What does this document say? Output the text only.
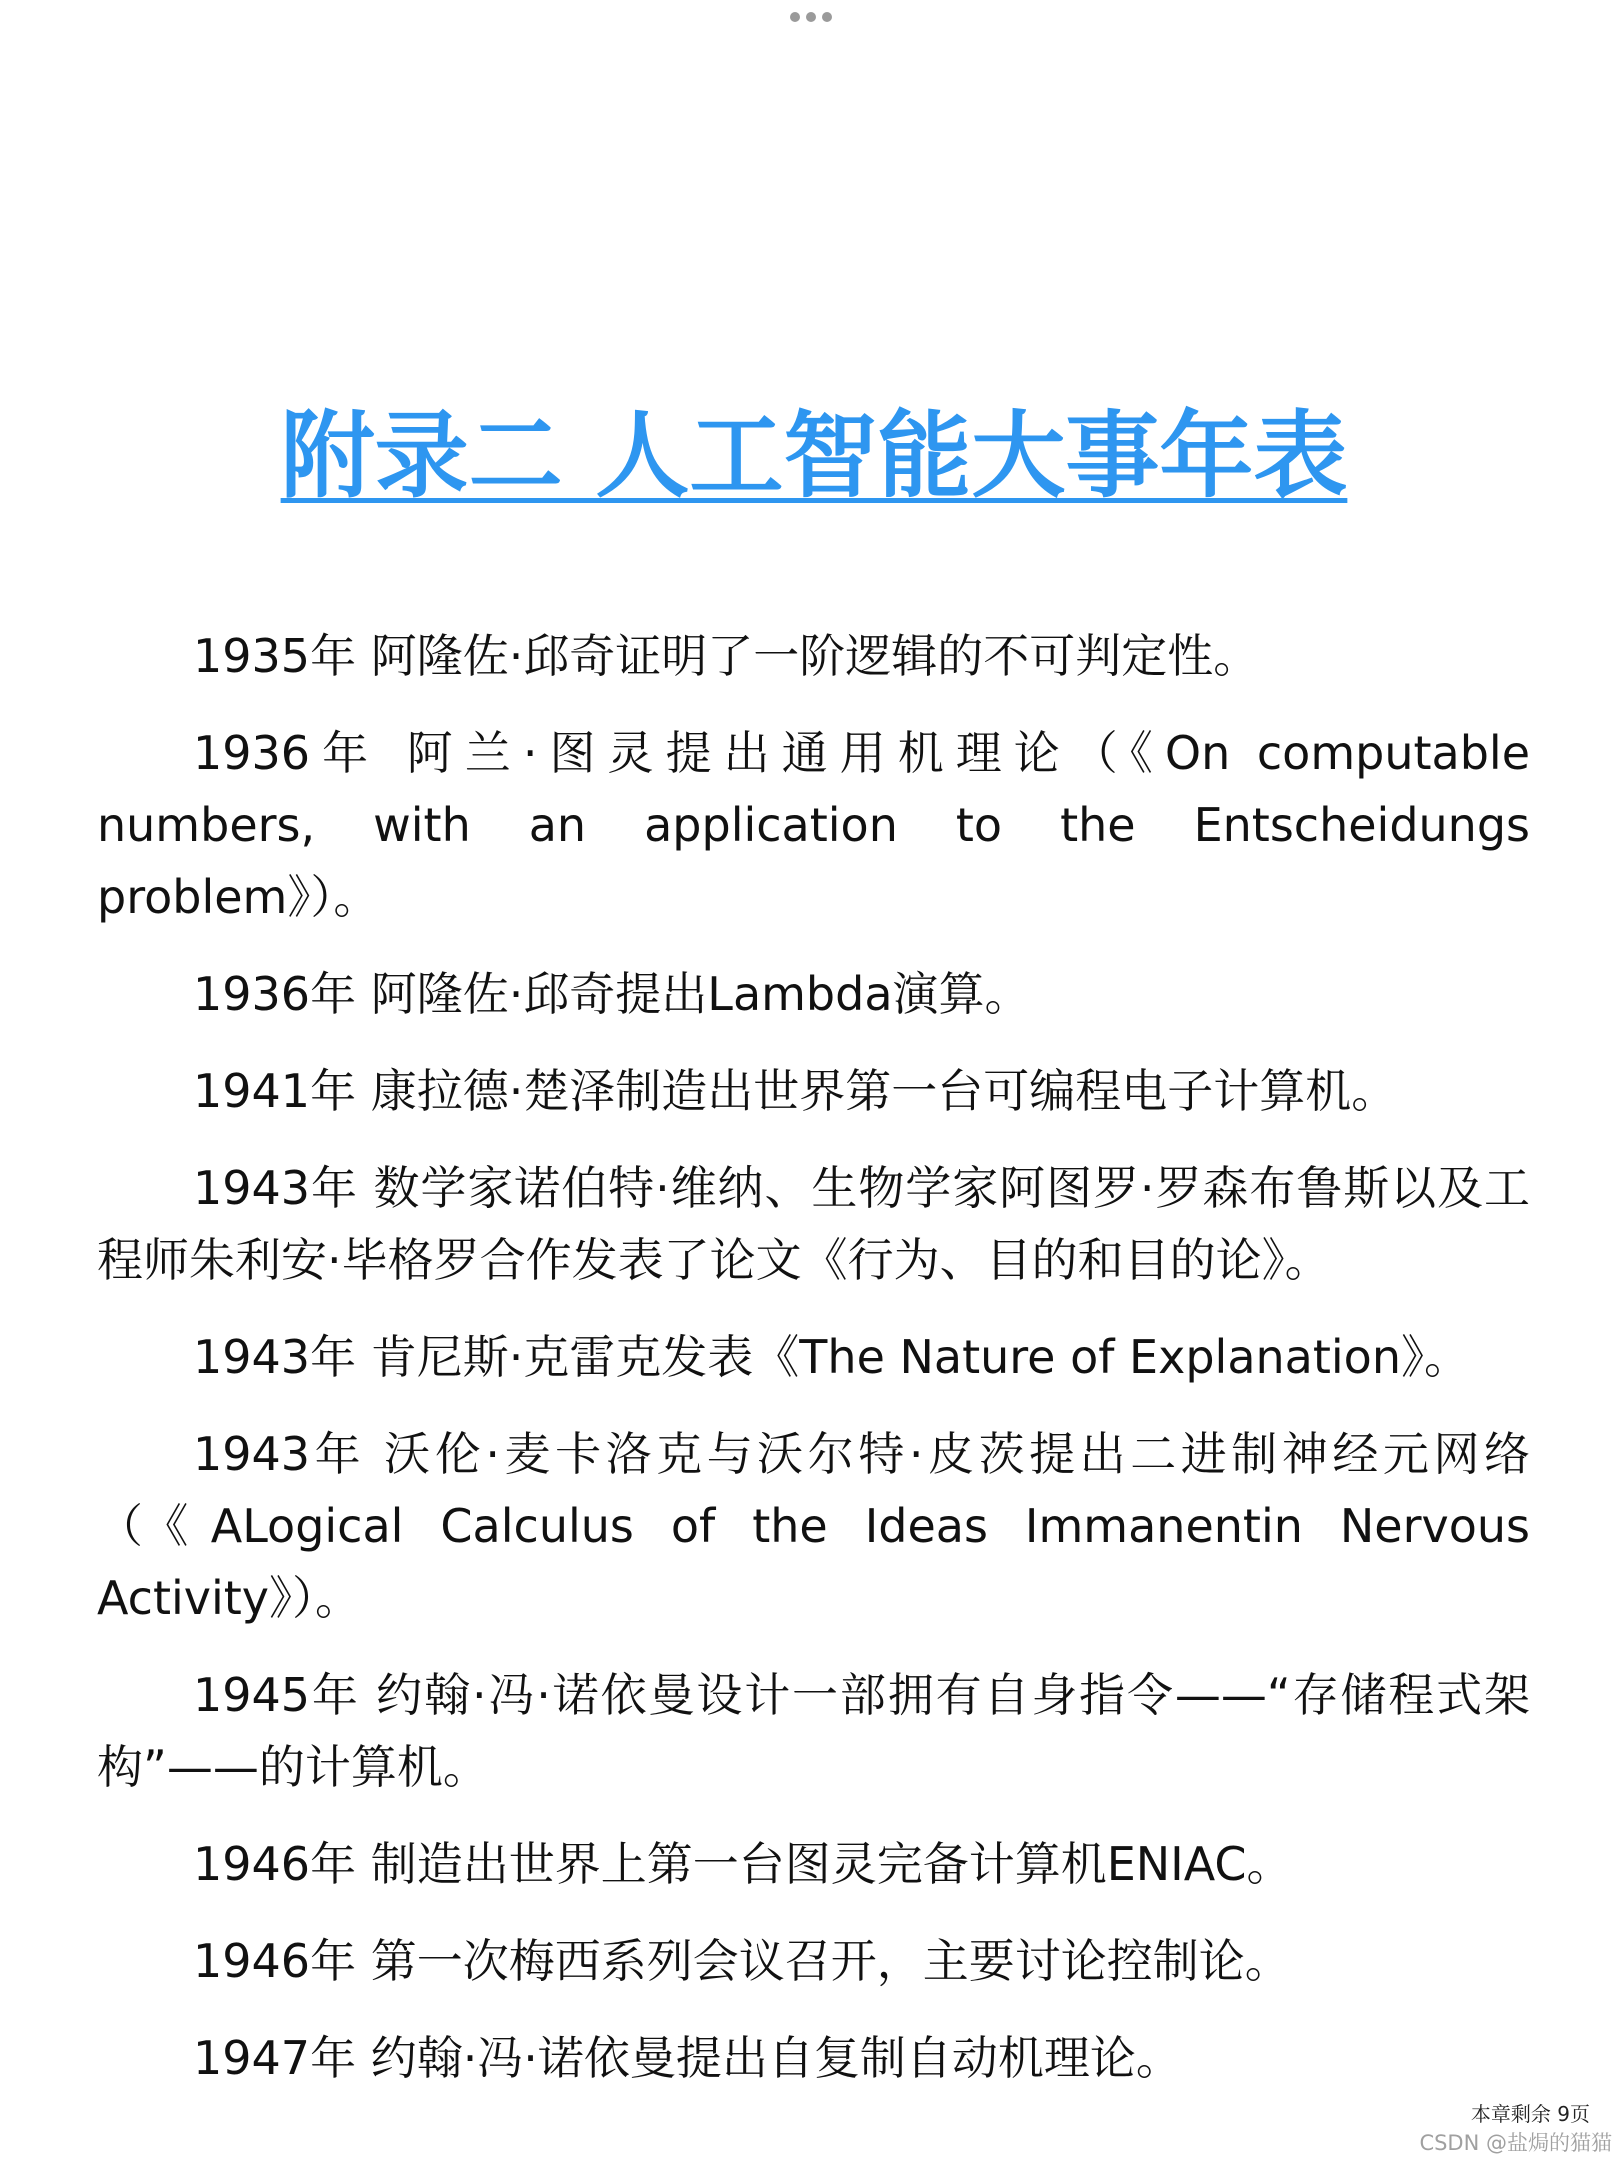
附录二 人工智能大事年表

1935年 阿隆佐·邱奇证明了一阶逻辑的不可判定性。

1936年 阿兰·图灵提出通用机理论（《On computable numbers, with an application to the Entscheidungs problem》）。

1936年 阿隆佐·邱奇提出Lambda演算。

1941年 康拉德·楚泽制造出世界第一台可编程电子计算机。

1943年 数学家诺伯特·维纳、生物学家阿图罗·罗森布鲁斯以及工程师朱利安·毕格罗合作发表了论文《行为、目的和目的论》。

1943年 肯尼斯·克雷克发表《The Nature of Explanation》。

1943年 沃伦·麦卡洛克与沃尔特·皮茨提出二进制神经元网络（《ALogical Calculus of the Ideas Immanentin Nervous Activity》）。

1945年 约翰·冯·诺依曼设计一部拥有自身指令——“存储程式架构”——的计算机。

1946年 制造出世界上第一台图灵完备计算机ENIAC。

1946年 第一次梅西系列会议召开，主要讨论控制论。

1947年 约翰·冯·诺依曼提出自复制自动机理论。

本章剩余 9页
CSDN @盐焗的猫猫
